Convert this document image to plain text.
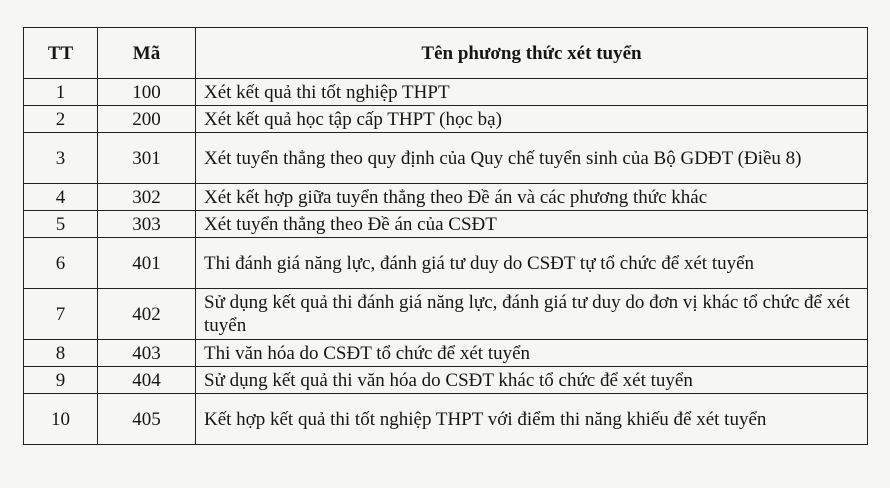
TT	Mã	Tên phương thức xét tuyển
1	100	Xét kết quả thi tốt nghiệp THPT
2	200	Xét kết quả học tập cấp THPT (học bạ)
3	301	Xét tuyển thẳng theo quy định của Quy chế tuyển sinh của Bộ GDĐT (Điều 8)
4	302	Xét kết hợp giữa tuyển thẳng theo Đề án và các phương thức khác
5	303	Xét tuyển thẳng theo Đề án của CSĐT
6	401	Thi đánh giá năng lực, đánh giá tư duy do CSĐT tự tổ chức để xét tuyển
7	402	Sử dụng kết quả thi đánh giá năng lực, đánh giá tư duy do đơn vị khác tổ chức để xét tuyển
8	403	Thi văn hóa do CSĐT tổ chức để xét tuyển
9	404	Sử dụng kết quả thi văn hóa do CSĐT khác tổ chức để xét tuyển
10	405	Kết hợp kết quả thi tốt nghiệp THPT với điểm thi năng khiếu để xét tuyển
